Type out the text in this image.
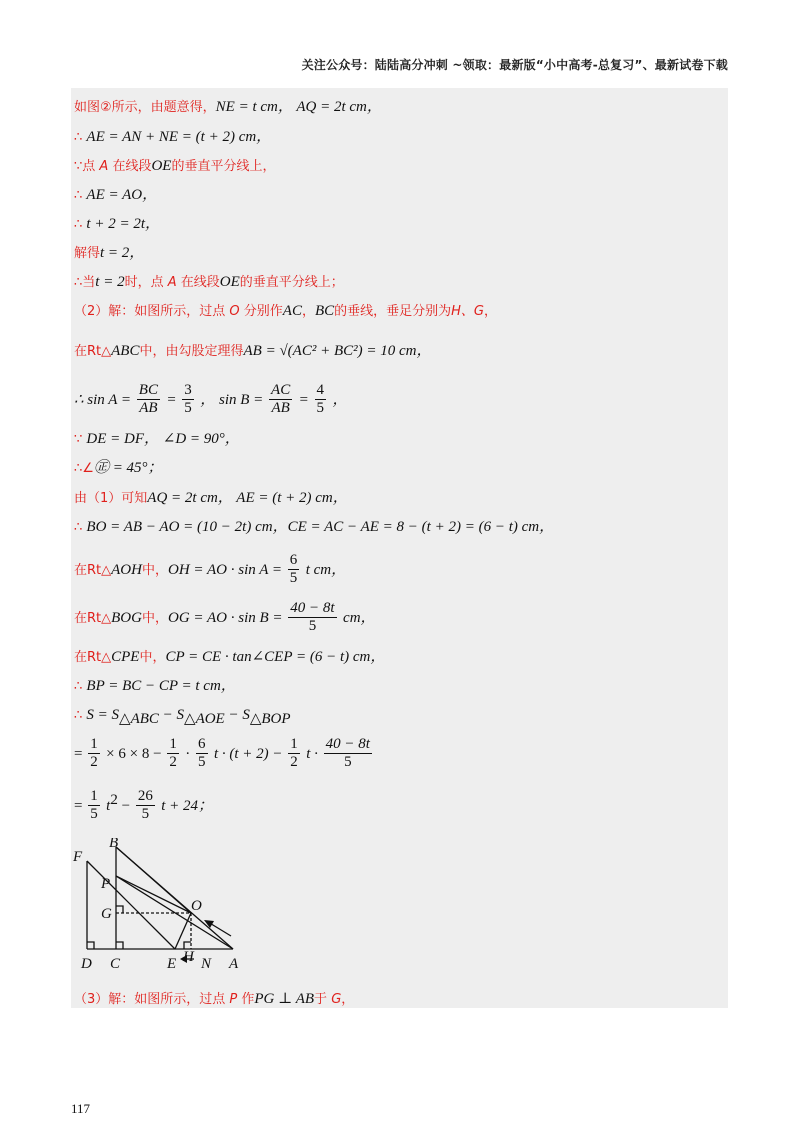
关注公众号：陆陆高分冲刺 ~领取：最新版“小中高考-总复习”、最新试卷下载
如图②所示，由题意得，NE = t cm， AQ = 2t cm，
∴ AE = AN + NE = (t + 2) cm，
∵点 A 在线段OE的垂直平分线上，
∴ AE = AO，
∴ t + 2 = 2t，
解得t = 2，
∴当t = 2时，点 A 在线段OE的垂直平分线上；
（2）解：如图所示，过点 O 分别作AC，BC的垂线，垂足分别为H、G，
在Rt△ABC中，由勾股定理得AB = √(AC² + BC²) = 10 cm，
∴ $\sin A = \frac{BC}{AB} = \frac{3}{5}$ ， $\sin B = \frac{AC}{AB} = \frac{4}{5}$ ，
∵ DE = DF， ∠D = 90°，
∴∠㊣ = 45°；
由（1）可知AQ = 2t cm， AE = (t + 2) cm，
∴ BO = AB − AO = (10 − 2t) cm，CE = AC − AE = 8 − (t + 2) = (6 − t) cm，
在Rt△AOH中，OH = AO · $\sin A = \frac{6}{5}$ t cm，
在Rt△BOG中，OG = AO · $\sin B = \frac{40 - 8t}{5}$ cm，
在Rt△CPE中，CP = CE · tan∠CEP = (6 − t) cm，
∴ BP = BC − CP = t cm，
∴ $S = S_{\triangle ABC} - S_{\triangle AOE} - S_{\triangle BOP}$
= $\frac{1}{2} \times 6 \times 8 - \frac{1}{2} \cdot \frac{6}{5}$ $t \cdot (t + 2) - \frac{1}{2}$ $t \cdot \frac{40 - 8t}{5}$
= $\frac{1}{5} t^2 - \frac{26}{5}$ t + 24；
F
B
P
G	O
D C	E H N A
（3）解：如图所示，过点 P 作PG ⊥ AB于 G，
117
